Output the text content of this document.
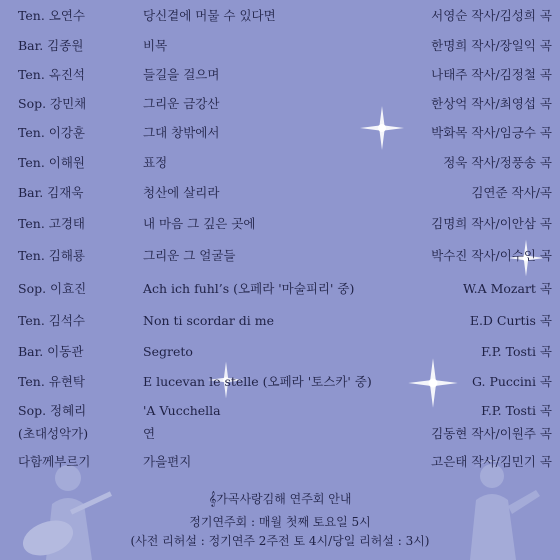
Ten. 오연수	당신곁에 머물 수 있다면	서영순 작사/김성희 곡
Bar. 김종원	비목	한명희 작사/장일익 곡
Ten. 옥진석	들길을 걸으며	나태주 작사/김정철 곡
Sop. 강민채	그리운 금강산	한상억 작사/최영섭 곡
Ten. 이강훈	그대 창밖에서	박화목 작사/임긍수 곡
Ten. 이해원	표정	정욱 작사/정풍송 곡
Bar. 김재욱	청산에 살리라	김연준 작사/곡
Ten. 고경태	내 마음 그 깊은 곳에	김명희 작사/이안삼 곡
Ten. 김해룡	그리운 그 얼굴들	박수진 작사/이수인 곡
Sop. 이효진	Ach ich fuhl’s (오페라 '마술피리' 중)	W.A Mozart 곡
Ten. 김석수	Non ti scordar di me	E.D Curtis 곡
Bar. 이동관	Segreto	F.P. Tosti 곡
Ten. 유현탁	E lucevan le stelle (오페라 '토스카' 중)	G. Puccini 곡
Sop. 정혜리	'A Vucchella	F.P. Tosti 곡
(초대성악가)	연	김동현 작사/이원주 곡
다함께부르기	가을편지	고은태 작사/김민기 곡
𝄞가곡사랑김해 연주회 안내
정기연주회 : 매월 첫째 토요일 5시
(사전 리허설 : 정기연주 2주전 토 4시/당일 리허설 : 3시)
